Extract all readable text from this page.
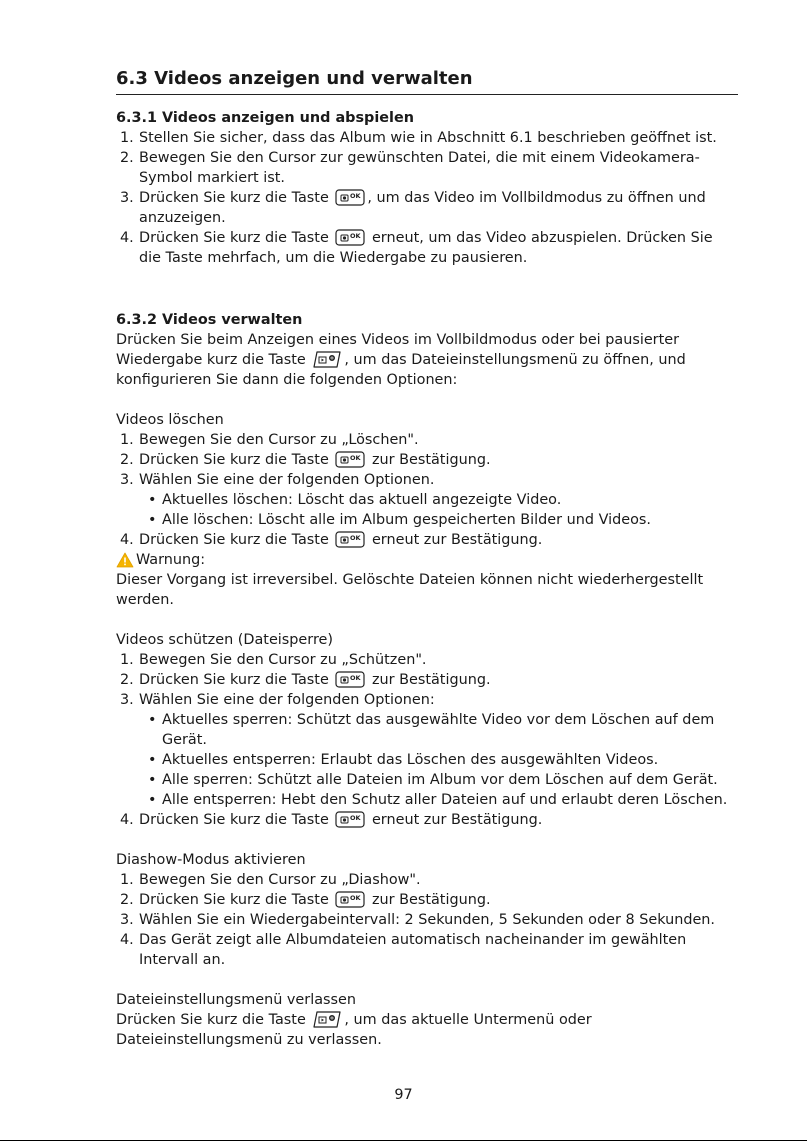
6.3 Videos anzeigen und verwalten
6.3.1 Videos anzeigen und abspielen
1. Stellen Sie sicher, dass das Album wie in Abschnitt 6.1 beschrieben geöffnet ist.
2. Bewegen Sie den Cursor zur gewünschten Datei, die mit einem Videokamera-Symbol markiert ist.
3. Drücken Sie kurz die Taste	, um das Video im Vollbildmodus zu öffnen und anzuzeigen.
4. Drücken Sie kurz die Taste	erneut, um das Video abzuspielen. Drücken Sie die Taste mehrfach, um die Wiedergabe zu pausieren.
6.3.2 Videos verwalten
Drücken Sie beim Anzeigen eines Videos im Vollbildmodus oder bei pausierter Wiedergabe kurz die Taste	, um das Dateieinstellungsmenü zu öffnen, und konfigurieren Sie dann die folgenden Optionen:
Videos löschen
1. Bewegen Sie den Cursor zu „Löschen".
2. Drücken Sie kurz die Taste	zur Bestätigung.
3. Wählen Sie eine der folgenden Optionen.
• Aktuelles löschen: Löscht das aktuell angezeigte Video.
• Alle löschen: Löscht alle im Album gespeicherten Bilder und Videos.
4. Drücken Sie kurz die Taste	erneut zur Bestätigung.
Warnung:
Dieser Vorgang ist irreversibel. Gelöschte Dateien können nicht wiederhergestellt werden.
Videos schützen (Dateisperre)
1. Bewegen Sie den Cursor zu „Schützen".
2. Drücken Sie kurz die Taste	zur Bestätigung.
3. Wählen Sie eine der folgenden Optionen:
• Aktuelles sperren: Schützt das ausgewählte Video vor dem Löschen auf dem Gerät.
• Aktuelles entsperren: Erlaubt das Löschen des ausgewählten Videos.
• Alle sperren: Schützt alle Dateien im Album vor dem Löschen auf dem Gerät.
• Alle entsperren: Hebt den Schutz aller Dateien auf und erlaubt deren Löschen.
4. Drücken Sie kurz die Taste	erneut zur Bestätigung.
Diashow-Modus aktivieren
1. Bewegen Sie den Cursor zu „Diashow".
2. Drücken Sie kurz die Taste	zur Bestätigung.
3. Wählen Sie ein Wiedergabeintervall: 2 Sekunden, 5 Sekunden oder 8 Sekunden.
4. Das Gerät zeigt alle Albumdateien automatisch nacheinander im gewählten Intervall an.
Dateieinstellungsmenü verlassen
Drücken Sie kurz die Taste	, um das aktuelle Untermenü oder Dateieinstellungsmenü zu verlassen.
97
